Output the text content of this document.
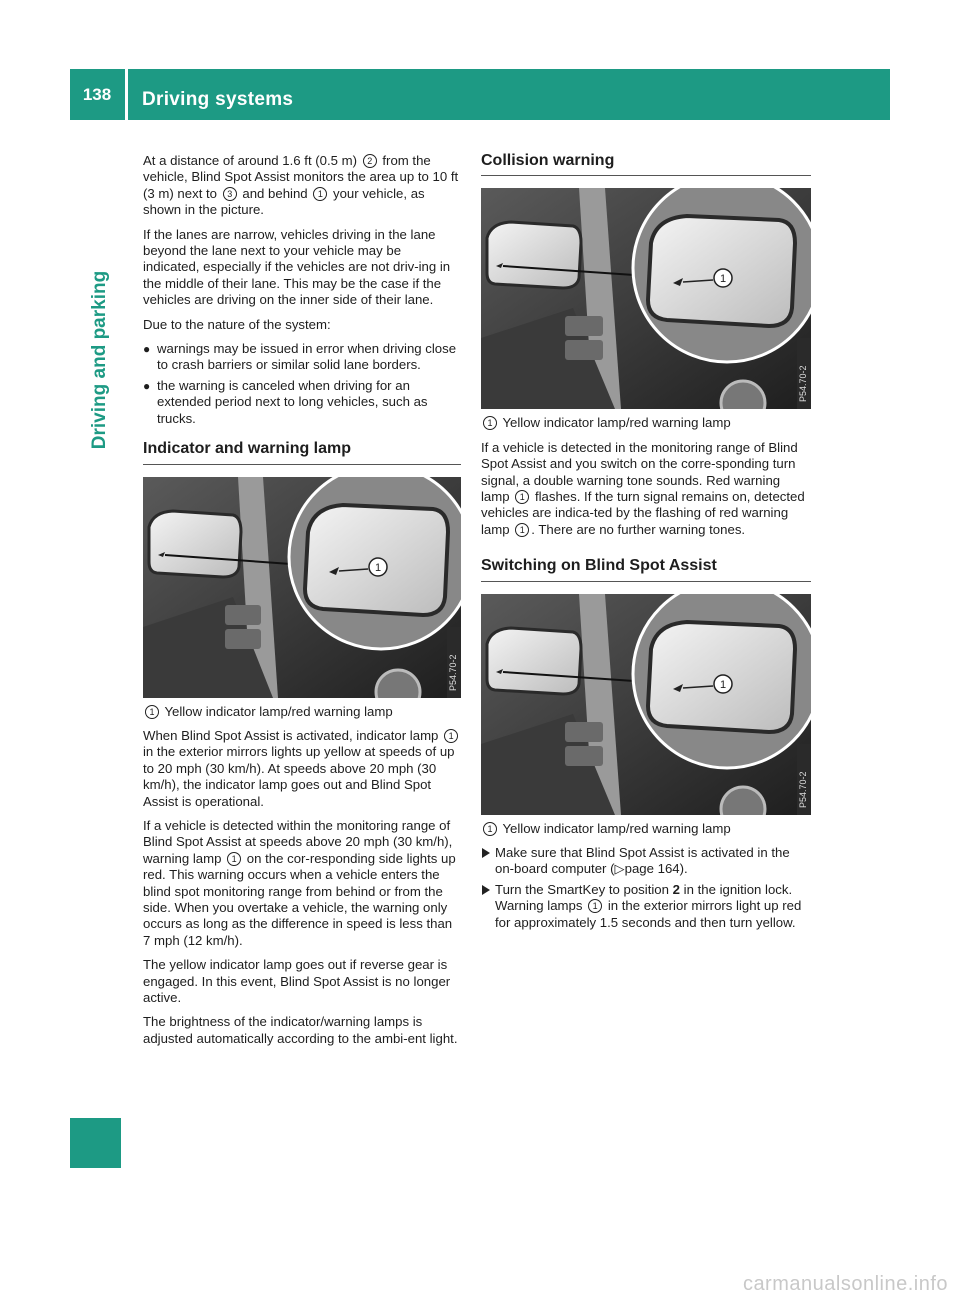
138	Driving systems
Driving and parking

At a distance of around 1.6 ft (0.5 m) 2 from the vehicle, Blind Spot Assist monitors the area up to 10 ft (3 m) next to 3 and behind 1 your vehicle, as shown in the picture.

If the lanes are narrow, vehicles driving in the lane beyond the lane next to your vehicle may be indicated, especially if the vehicles are not driv-ing in the middle of their lane. This may be the case if the vehicles are driving on the inner side of their lane.

Due to the nature of the system:

● warnings may be issued in error when driving close to crash barriers or similar solid lane borders.
● the warning is canceled when driving for an extended period next to long vehicles, such as trucks.
Indicator and warning lamp
1
P54.70-2

1 Yellow indicator lamp/red warning lamp

When Blind Spot Assist is activated, indicator lamp 1 in the exterior mirrors lights up yellow at speeds of up to 20 mph (30 km/h). At speeds above 20 mph (30 km/h), the indicator lamp goes out and Blind Spot Assist is operational.

If a vehicle is detected within the monitoring range of Blind Spot Assist at speeds above 20 mph (30 km/h), warning lamp 1 on the cor-responding side lights up red. This warning occurs when a vehicle enters the blind spot monitoring range from behind or from the side. When you overtake a vehicle, the warning only occurs as long as the difference in speed is less than 7 mph (12 km/h).

The yellow indicator lamp goes out if reverse gear is engaged. In this event, Blind Spot Assist is no longer active.

The brightness of the indicator/warning lamps is adjusted automatically according to the ambi-ent light.

Collision warning
1
P54.70-2

1 Yellow indicator lamp/red warning lamp

If a vehicle is detected in the monitoring range of Blind Spot Assist and you switch on the corre-sponding turn signal, a double warning tone sounds. Red warning lamp 1 flashes. If the turn signal remains on, detected vehicles are indica-ted by the flashing of red warning lamp 1 . There are no further warning tones.

Switching on Blind Spot Assist
1
P54.70-2

1 Yellow indicator lamp/red warning lamp

Make sure that Blind Spot Assist is activated in the on-board computer (▷page 164).
Turn the SmartKey to position 2 in the ignition lock.
Warning lamps 1 in the exterior mirrors light up red for approximately 1.5 seconds and then turn yellow.
carmanualsonline.info
